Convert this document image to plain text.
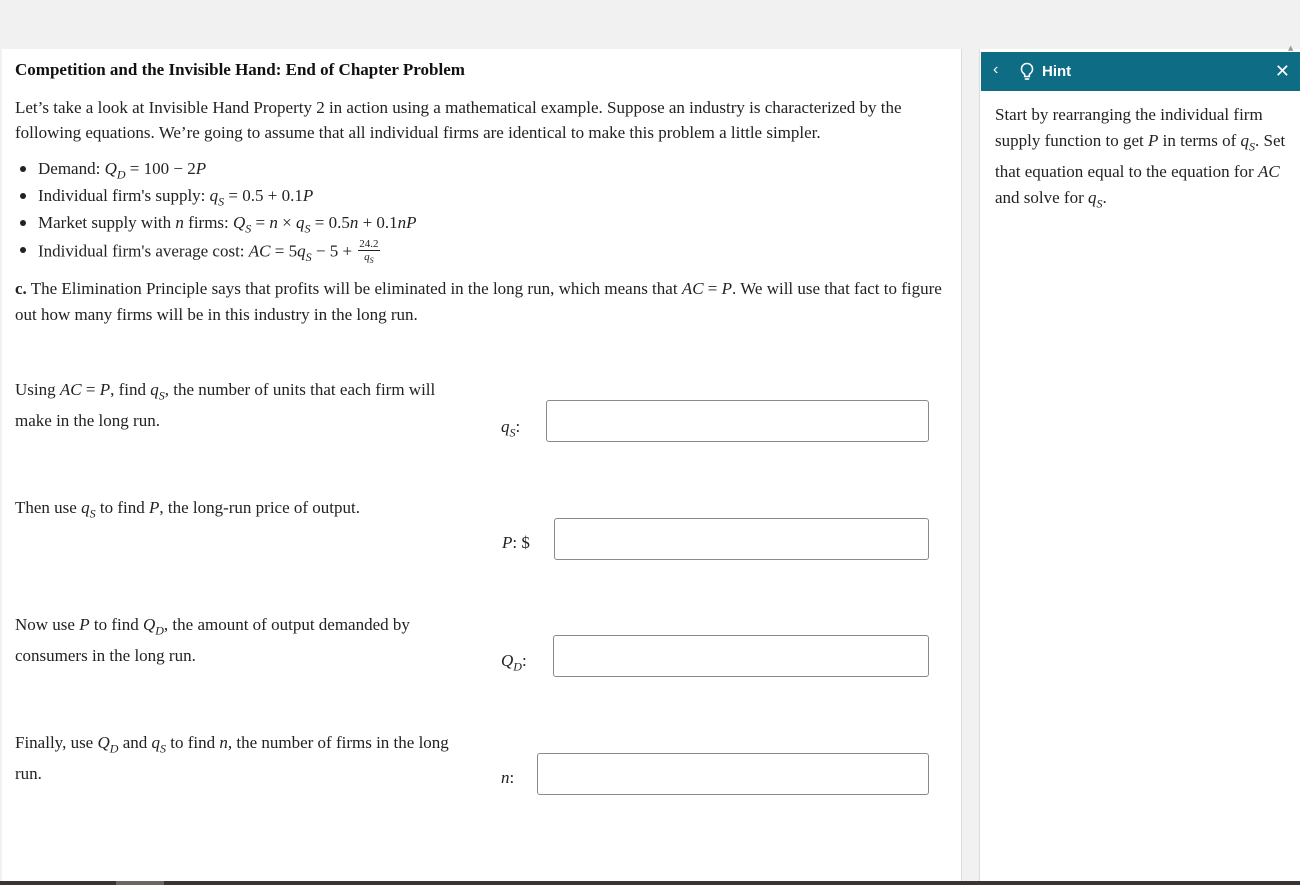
▲
Competition and the Invisible Hand: End of Chapter Problem
Let’s take a look at Invisible Hand Property 2 in action using a mathematical example. Suppose an industry is characterized by the following equations. We’re going to assume that all individual firms are identical to make this problem a little simpler.
Demand: $Q_D = 100 - 2P$
Individual firm's supply: $q_S = 0.5 + 0.1P$
Market supply with n firms: $Q_S = n \times q_S = 0.5n + 0.1nP$
Individual firm's average cost: AC = $5q_S - 5 + \frac{24.2}{q_S}$
c. The Elimination Principle says that profits will be eliminated in the long run, which means that AC = P. We will use that fact to figure out how many firms will be in this industry in the long run.
Using AC = P, find $q_S$, the number of units that each firm will make in the long run.	$q_S$:
Then use $q_S$ to find P, the long-run price of output.
P: $
Now use P to find $Q_D$, the amount of output demanded by consumers in the long run.	$Q_D$:
Finally, use $Q_D$ and $q_S$ to find n, the number of firms in the long run.	n:
‹	Hint	✕
Start by rearranging the individual firm supply function to get P in terms of $q_S$. Set that equation equal to the equation for AC and solve for $q_S$.
